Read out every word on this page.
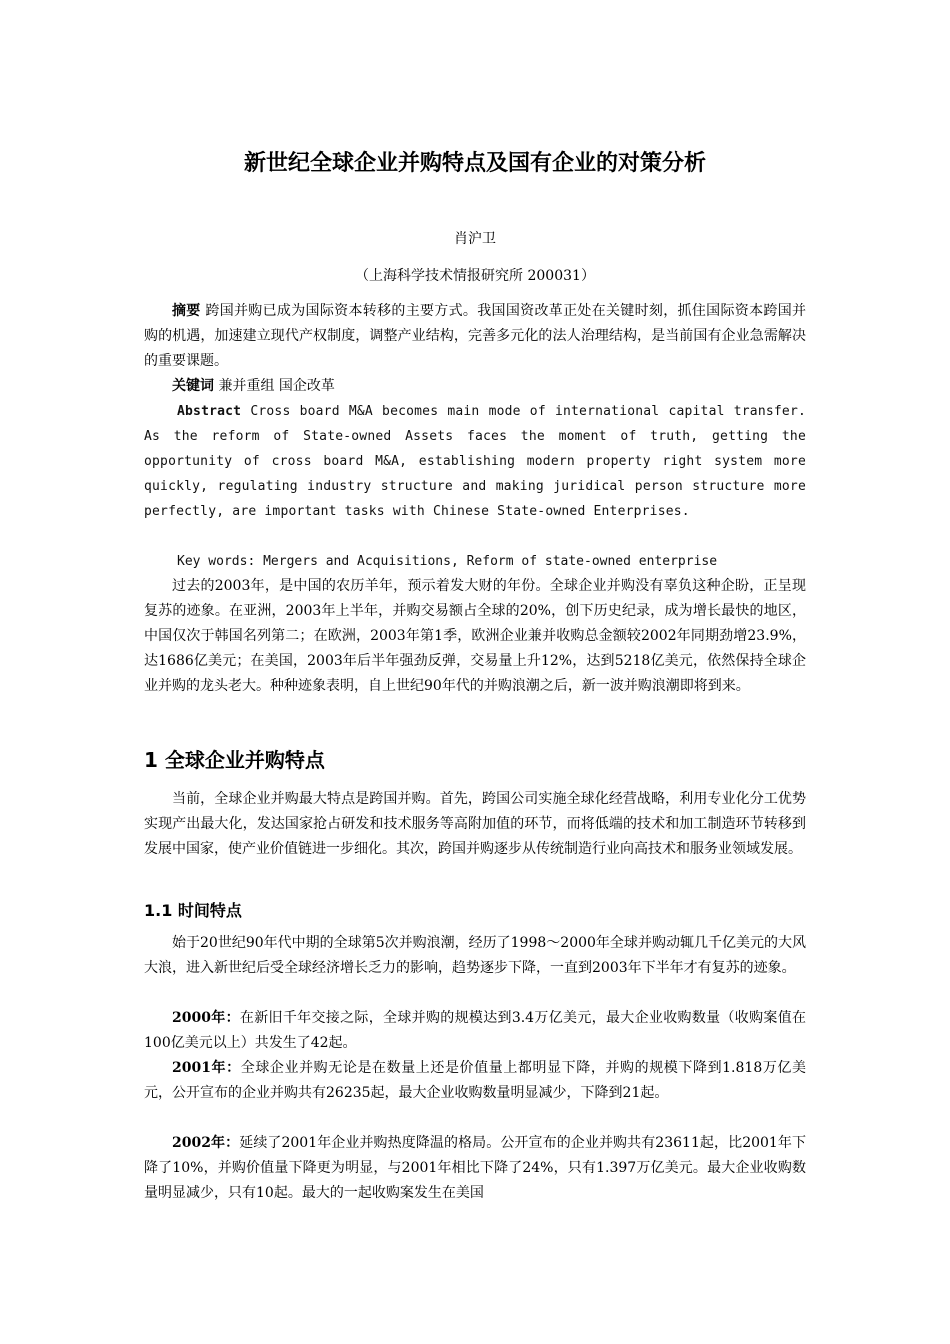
新世纪全球企业并购特点及国有企业的对策分析
肖沪卫
（上海科学技术情报研究所 200031）

摘要 跨国并购已成为国际资本转移的主要方式。我国国资改革正处在关键时刻，抓住国际资本跨国并购的机遇，加速建立现代产权制度，调整产业结构，完善多元化的法人治理结构，是当前国有企业急需解决的重要课题。

关键词 兼并重组 国企改革

Abstract Cross board M&A becomes main mode of international capital transfer. As the reform of State-owned Assets faces the moment of truth, getting the opportunity of cross board M&A, establishing modern property right system more quickly, regulating industry structure and making juridical person structure more perfectly, are important tasks with Chinese State-owned Enterprises.

Key words: Mergers and Acquisitions, Reform of state-owned enterprise

过去的2003年，是中国的农历羊年，预示着发大财的年份。全球企业并购没有辜负这种企盼，正呈现复苏的迹象。在亚洲，2003年上半年，并购交易额占全球的20%，创下历史纪录，成为增长最快的地区，中国仅次于韩国名列第二；在欧洲，2003年第1季，欧洲企业兼并收购总金额较2002年同期劲增23.9%，达1686亿美元；在美国，2003年后半年强劲反弹，交易量上升12%，达到5218亿美元，依然保持全球企业并购的龙头老大。种种迹象表明，自上世纪90年代的并购浪潮之后，新一波并购浪潮即将到来。

1 全球企业并购特点

当前，全球企业并购最大特点是跨国并购。首先，跨国公司实施全球化经营战略，利用专业化分工优势实现产出最大化，发达国家抢占研发和技术服务等高附加值的环节，而将低端的技术和加工制造环节转移到发展中国家，使产业价值链进一步细化。其次，跨国并购逐步从传统制造行业向高技术和服务业领域发展。

1.1 时间特点

始于20世纪90年代中期的全球第5次并购浪潮，经历了1998～2000年全球并购动辄几千亿美元的大风大浪，进入新世纪后受全球经济增长乏力的影响，趋势逐步下降，一直到2003年下半年才有复苏的迹象。

2000年：在新旧千年交接之际，全球并购的规模达到3.4万亿美元，最大企业收购数量（收购案值在100亿美元以上）共发生了42起。

2001年：全球企业并购无论是在数量上还是价值量上都明显下降，并购的规模下降到1.818万亿美元，公开宣布的企业并购共有26235起，最大企业收购数量明显减少，下降到21起。

2002年：延续了2001年企业并购热度降温的格局。公开宣布的企业并购共有23611起，比2001年下降了10%，并购价值量下降更为明显，与2001年相比下降了24%，只有1.397万亿美元。最大企业收购数量明显减少，只有10起。最大的一起收购案发生在美国
